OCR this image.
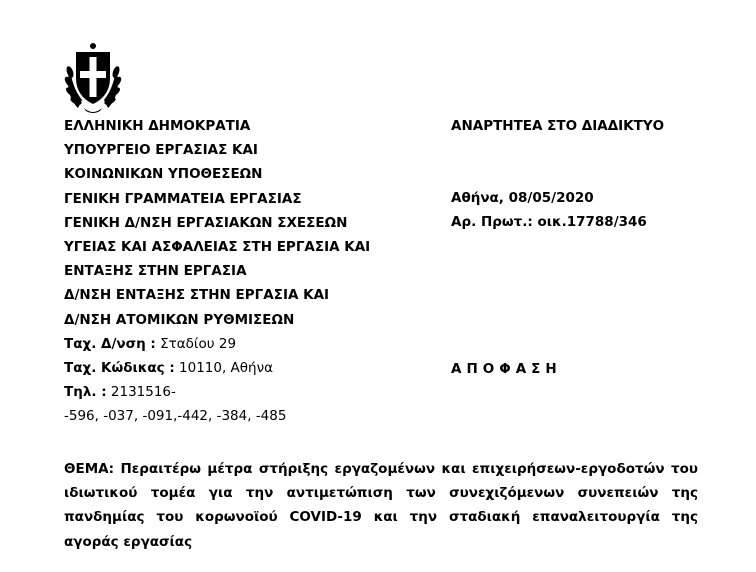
ΕΛΛΗΝΙΚΗ ΔΗΜΟΚΡΑΤΙΑ
ΥΠΟΥΡΓΕΙΟ ΕΡΓΑΣΙΑΣ ΚΑΙ
ΚΟΙΝΩΝΙΚΩΝ ΥΠΟΘΕΣΕΩΝ
ΓΕΝΙΚΗ ΓΡΑΜΜΑΤΕΙΑ ΕΡΓΑΣΙΑΣ
ΓΕΝΙΚΗ Δ/ΝΣΗ ΕΡΓΑΣΙΑΚΩΝ ΣΧΕΣΕΩΝ
ΥΓΕΙΑΣ ΚΑΙ ΑΣΦΑΛΕΙΑΣ ΣΤΗ ΕΡΓΑΣΙΑ ΚΑΙ
ΕΝΤΑΞΗΣ ΣΤΗΝ ΕΡΓΑΣΙΑ
Δ/ΝΣΗ ΕΝΤΑΞΗΣ ΣΤΗΝ ΕΡΓΑΣΙΑ ΚΑΙ
Δ/ΝΣΗ ΑΤΟΜΙΚΩΝ ΡΥΘΜΙΣΕΩΝ
Ταχ. Δ/νση : Σταδίου 29
Ταχ. Κώδικας : 10110, Αθήνα
Τηλ. : 2131516-
-596, -037, -091,-442, -384, -485
ΑΝΑΡΤΗΤΕΑ ΣΤΟ ΔΙΑΔΙΚΤΥΟ
Αθήνα, 08/05/2020
Αρ. Πρωτ.: οικ.17788/346
ΑΠΟΦΑΣΗ
ΘΕΜΑ: Περαιτέρω μέτρα στήριξης εργαζομένων και επιχειρήσεων-εργοδοτών του ιδιωτικού τομέα για την αντιμετώπιση των συνεχιζόμενων συνεπειών της πανδημίας του κορωνοϊού COVID-19 και την σταδιακή επαναλειτουργία της αγοράς εργασίας
